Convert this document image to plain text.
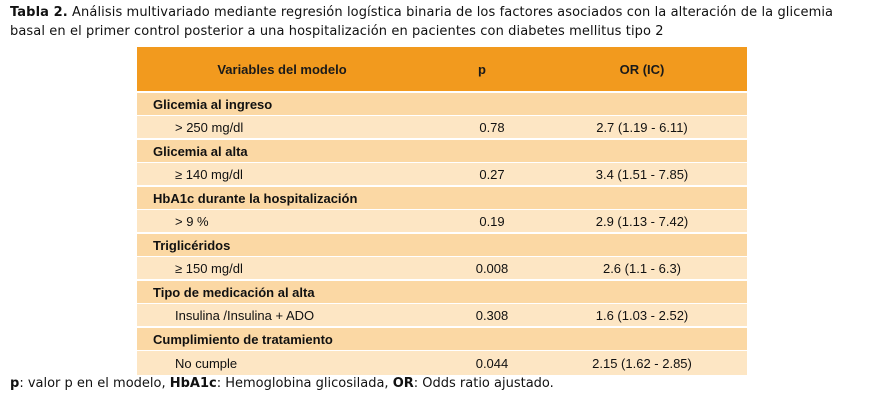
Tabla 2. Análisis multivariado mediante regresión logística binaria de los factores asociados con la alteración de la glicemia basal en el primer control posterior a una hospitalización en pacientes con diabetes mellitus tipo 2
Variables del modelo	p	OR (IC)
Glicemia al ingreso		
> 250 mg/dl	0.78	2.7 (1.19 - 6.11)
Glicemia al alta		
≥ 140 mg/dl	0.27	3.4 (1.51 - 7.85)
HbA1c durante la hospitalización		
> 9 %	0.19	2.9 (1.13 - 7.42)
Triglicéridos		
≥ 150 mg/dl	0.008	2.6 (1.1 - 6.3)
Tipo de medicación al alta		
Insulina /Insulina + ADO	0.308	1.6 (1.03 - 2.52)
Cumplimiento de tratamiento		
No cumple	0.044	2.15 (1.62 - 2.85)
p: valor p en el modelo, HbA1c: Hemoglobina glicosilada, OR: Odds ratio ajustado.
